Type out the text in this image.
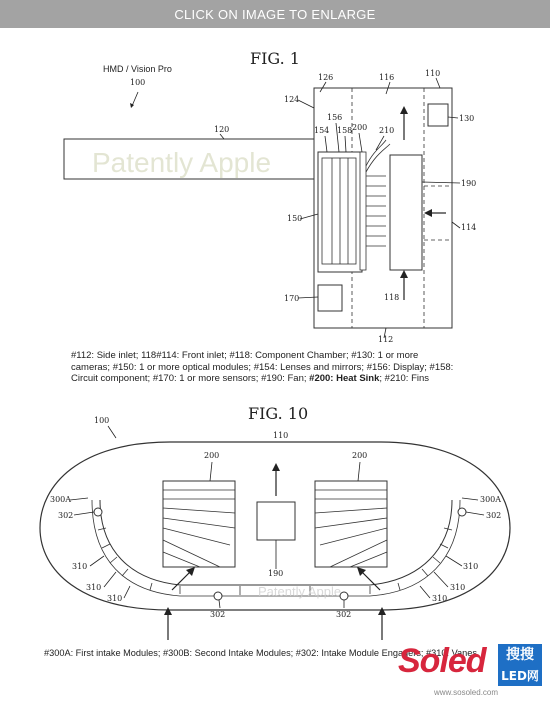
CLICK ON IMAGE TO ENLARGE
FIG. 1
HMD / Vision Pro
100
120
130
150
154
156
158 200 210
190
170
110
116
126
124
114
118
112
Patently Apple
#112: Side inlet; 118#114: Front inlet; #118: Component Chamber; #130: 1 or more
cameras; #150: 1 or more optical modules; #154: Lenses and mirrors; #156: Display; #158:
Circuit component; #170: 1 or more sensors; #190: Fan; #200: Heat Sink; #210: Fins
FIG. 10
100
110
200	200
190
300A
302
300A
302
302	302
310
310
310
310
310
310
Patently Apple
#300A: First intake Modules; #300B: Second Intake Modules; #302: Intake Module Engagers; #310: Vanes
Soled	搜搜
LED网
www.sosoled.com
